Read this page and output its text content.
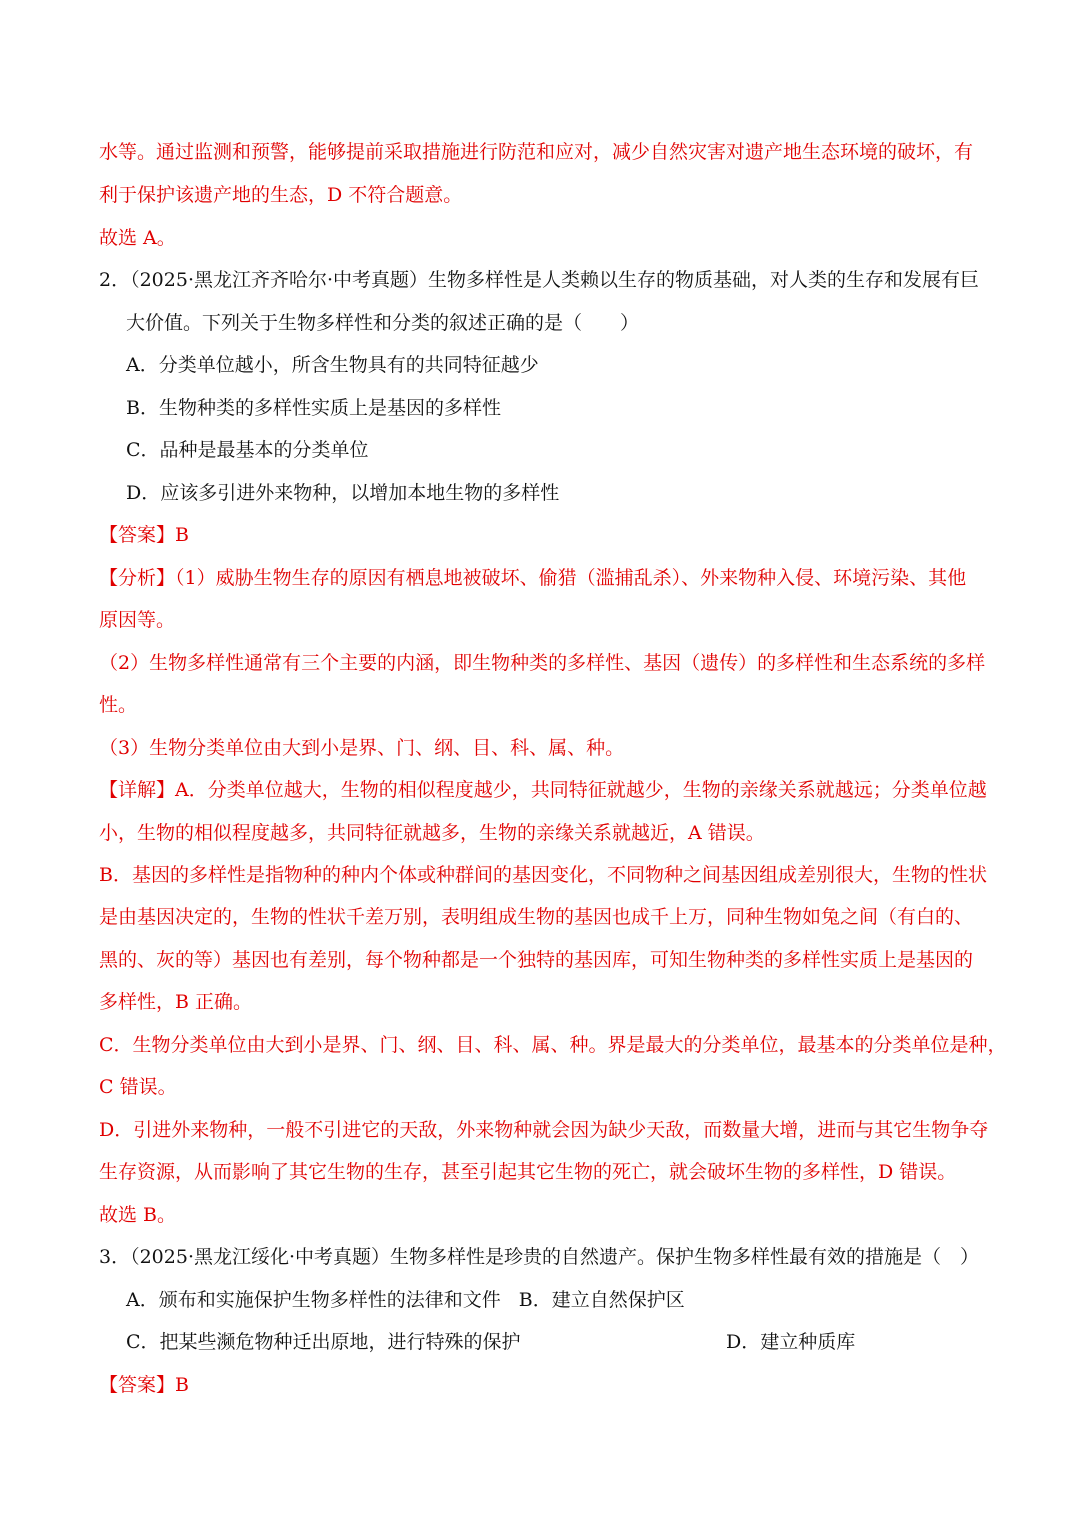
水等。通过监测和预警，能够提前采取措施进行防范和应对，减少自然灾害对遗产地生态环境的破坏，有
利于保护该遗产地的生态，D 不符合题意。
故选 A。
2．（2025·黑龙江齐齐哈尔·中考真题）生物多样性是人类赖以生存的物质基础，对人类的生存和发展有巨
大价值。下列关于生物多样性和分类的叙述正确的是（　　）
A．分类单位越小，所含生物具有的共同特征越少
B．生物种类的多样性实质上是基因的多样性
C．品种是最基本的分类单位
D．应该多引进外来物种，以增加本地生物的多样性
【答案】B
【分析】（1）威胁生物生存的原因有栖息地被破坏、偷猎（滥捕乱杀）、外来物种入侵、环境污染、其他
原因等。
（2）生物多样性通常有三个主要的内涵，即生物种类的多样性、基因（遗传）的多样性和生态系统的多样
性。
（3）生物分类单位由大到小是界、门、纲、目、科、属、种。
【详解】A．分类单位越大，生物的相似程度越少，共同特征就越少，生物的亲缘关系就越远；分类单位越
小，生物的相似程度越多，共同特征就越多，生物的亲缘关系就越近，A 错误。
B．基因的多样性是指物种的种内个体或种群间的基因变化，不同物种之间基因组成差别很大，生物的性状
是由基因决定的，生物的性状千差万别，表明组成生物的基因也成千上万，同种生物如兔之间（有白的、
黑的、灰的等）基因也有差别，每个物种都是一个独特的基因库，可知生物种类的多样性实质上是基因的
多样性，B 正确。
C．生物分类单位由大到小是界、门、纲、目、科、属、种。界是最大的分类单位，最基本的分类单位是种，
C 错误。
D．引进外来物种，一般不引进它的天敌，外来物种就会因为缺少天敌，而数量大增，进而与其它生物争夺
生存资源，从而影响了其它生物的生存，甚至引起其它生物的死亡，就会破坏生物的多样性，D 错误。
故选 B。
3．（2025·黑龙江绥化·中考真题）生物多样性是珍贵的自然遗产。保护生物多样性最有效的措施是（　）
A．颁布和实施保护生物多样性的法律和文件 B．建立自然保护区
C．把某些濒危物种迁出原地，进行特殊的保护	D．建立种质库
【答案】B
